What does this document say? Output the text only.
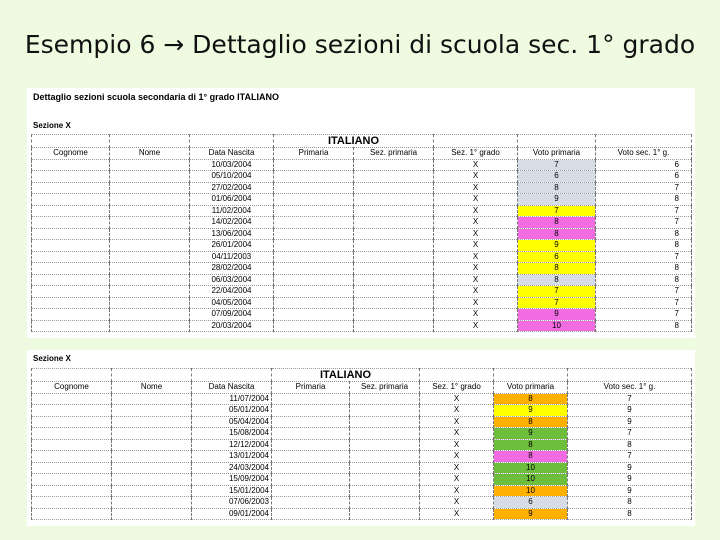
Esempio 6 → Dettaglio sezioni di scuola sec. 1° grado
Dettaglio sezioni scuola secondaria di 1° grado ITALIANO
Sezione X
			ITALIANO				
Cognome	Nome	Data Nascita	Primaria	Sez. primaria	Sez. 1° grado	Voto primaria	Voto sec. 1° g.
		10/03/2004			X	7	6
		05/10/2004			X	6	6
		27/02/2004			X	8	7
		01/06/2004			X	9	8
		11/02/2004			X	7	7
		14/02/2004			X	8	7
		13/06/2004			X	8	8
		26/01/2004			X	9	8
		04/11/2003			X	6	7
		28/02/2004			X	8	8
		06/03/2004			X	8	8
		22/04/2004			X	7	7
		04/05/2004			X	7	7
		07/09/2004			X	9	7
		20/03/2004			X	10	8
Sezione X
			ITALIANO				
Cognome	Nome	Data Nascita	Primaria	Sez. primaria	Sez. 1° grado	Voto primaria	Voto sec. 1° g.
		11/07/2004			X	8	7
		05/01/2004			X	9	9
		05/04/2004			X	8	9
		15/08/2004			X	9	7
		12/12/2004			X	8	8
		13/01/2004			X	8	7
		24/03/2004			X	10	9
		15/09/2004			X	10	9
		15/01/2004			X	10	9
		07/06/2003			X	6	8
		09/01/2004			X	9	8
